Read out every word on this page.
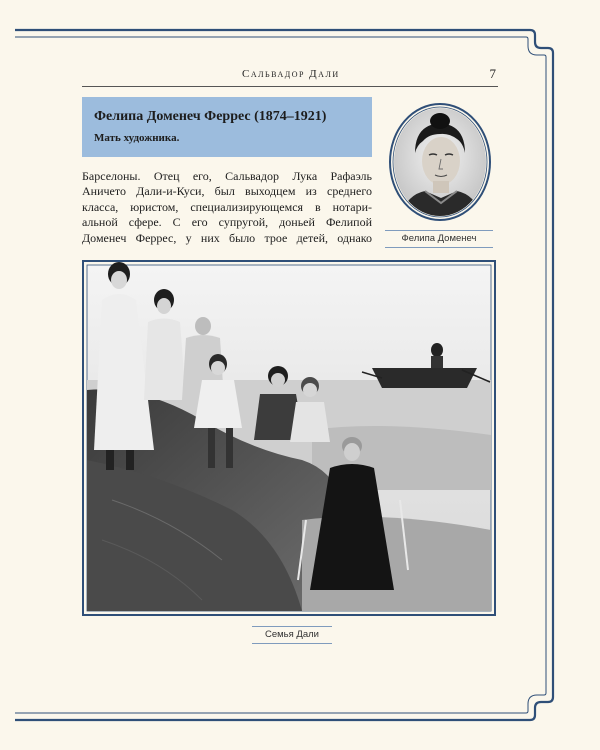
Сальвадор Дали	7
Фелипа Доменеч Феррес (1874–1921)
Мать художника.
Фелипа Доменеч

Барселоны. Отец его, Сальвадор Лука Рафаэль

Аничето Дали-и-Куси, был выходцем из среднего

класса, юристом, специализирующемся в нотари-

альной сфере. С его супругой, доньей Фелипой

Доменеч Феррес, у них было трое детей, однако

Семья Дали
